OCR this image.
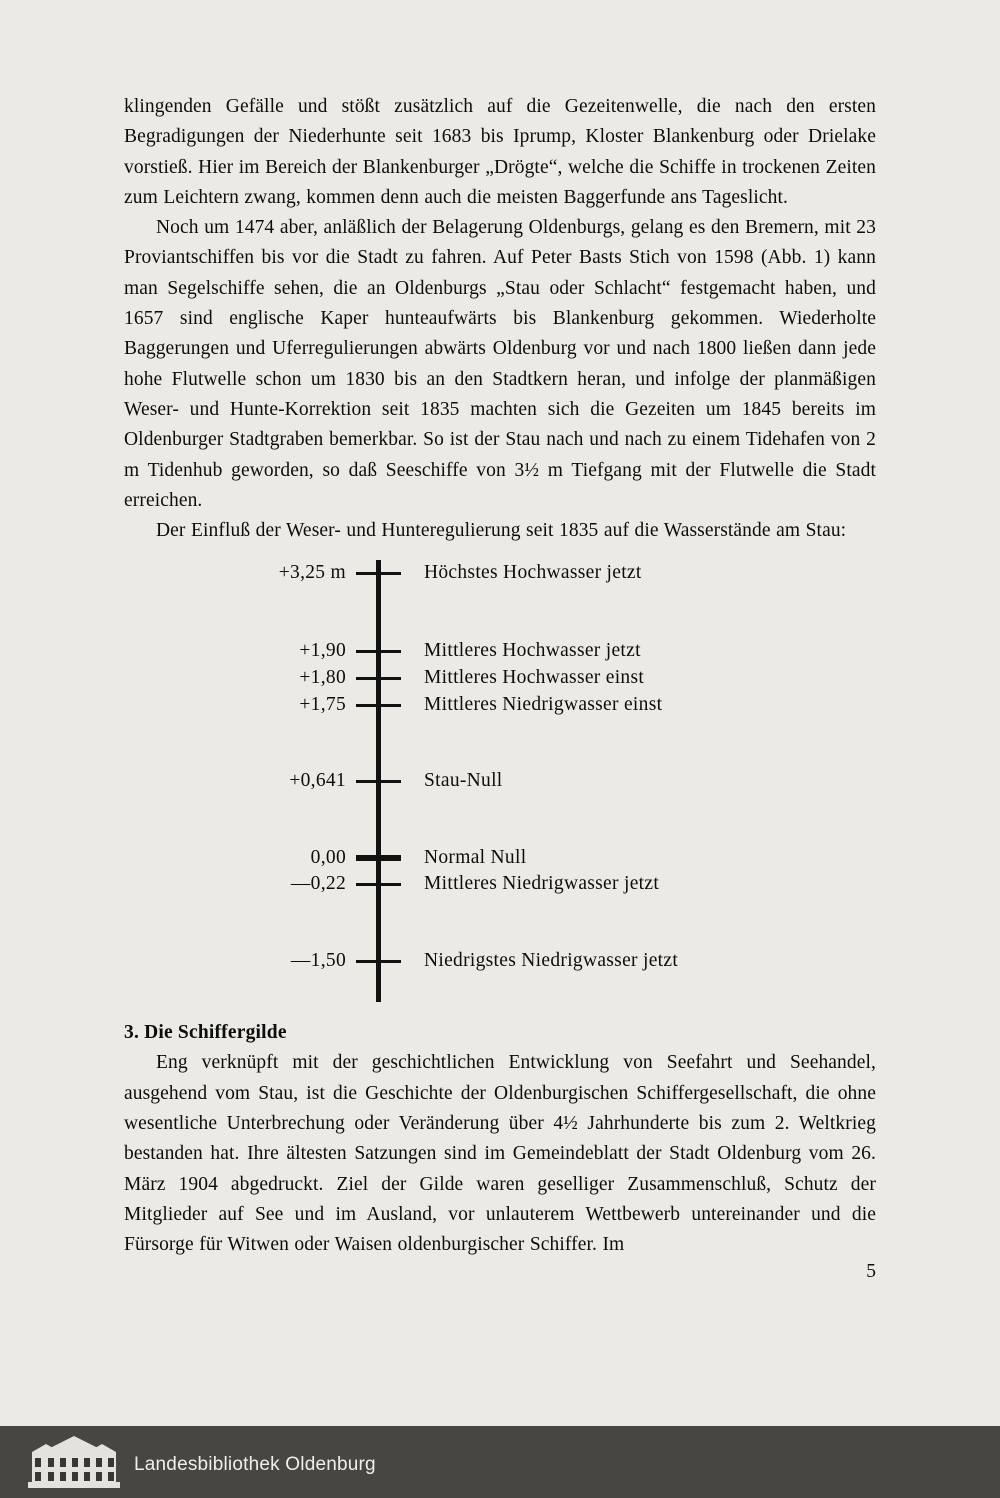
klingenden Gefälle und stößt zusätzlich auf die Gezeitenwelle, die nach den ersten Begradigungen der Niederhunte seit 1683 bis Iprump, Kloster Blankenburg oder Drielake vorstieß. Hier im Bereich der Blankenburger „Drögte“, welche die Schiffe in trockenen Zeiten zum Leichtern zwang, kommen denn auch die meisten Baggerfunde ans Tageslicht.

Noch um 1474 aber, anläßlich der Belagerung Oldenburgs, gelang es den Bremern, mit 23 Proviantschiffen bis vor die Stadt zu fahren. Auf Peter Basts Stich von 1598 (Abb. 1) kann man Segelschiffe sehen, die an Oldenburgs „Stau oder Schlacht“ festgemacht haben, und 1657 sind englische Kaper hunteaufwärts bis Blankenburg gekommen. Wiederholte Baggerungen und Uferregulierungen abwärts Oldenburg vor und nach 1800 ließen dann jede hohe Flutwelle schon um 1830 bis an den Stadtkern heran, und infolge der planmäßigen Weser- und Hunte-Korrektion seit 1835 machten sich die Gezeiten um 1845 bereits im Oldenburger Stadtgraben bemerkbar. So ist der Stau nach und nach zu einem Tidehafen von 2 m Tidenhub geworden, so daß Seeschiffe von 3½ m Tiefgang mit der Flutwelle die Stadt erreichen.

Der Einfluß der Weser- und Hunteregulierung seit 1835 auf die Wasserstände am Stau:

+3,25 m	Höchstes Hochwasser jetzt
+1,90	Mittleres Hochwasser jetzt
+1,80	Mittleres Hochwasser einst
+1,75	Mittleres Niedrigwasser einst
+0,641	Stau-Null
0,00	Normal Null
—0,22	Mittleres Niedrigwasser jetzt
—1,50	Niedrigstes Niedrigwasser jetzt
3. Die Schiffergilde

Eng verknüpft mit der geschichtlichen Entwicklung von Seefahrt und Seehandel, ausgehend vom Stau, ist die Geschichte der Oldenburgischen Schiffergesellschaft, die ohne wesentliche Unterbrechung oder Veränderung über 4½ Jahrhunderte bis zum 2. Weltkrieg bestanden hat. Ihre ältesten Satzungen sind im Gemeindeblatt der Stadt Oldenburg vom 26. März 1904 abgedruckt. Ziel der Gilde waren geselliger Zusammenschluß, Schutz der Mitglieder auf See und im Ausland, vor unlauterem Wettbewerb untereinander und die Fürsorge für Witwen oder Waisen oldenburgischer Schiffer. Im

5
Landesbibliothek Oldenburg
